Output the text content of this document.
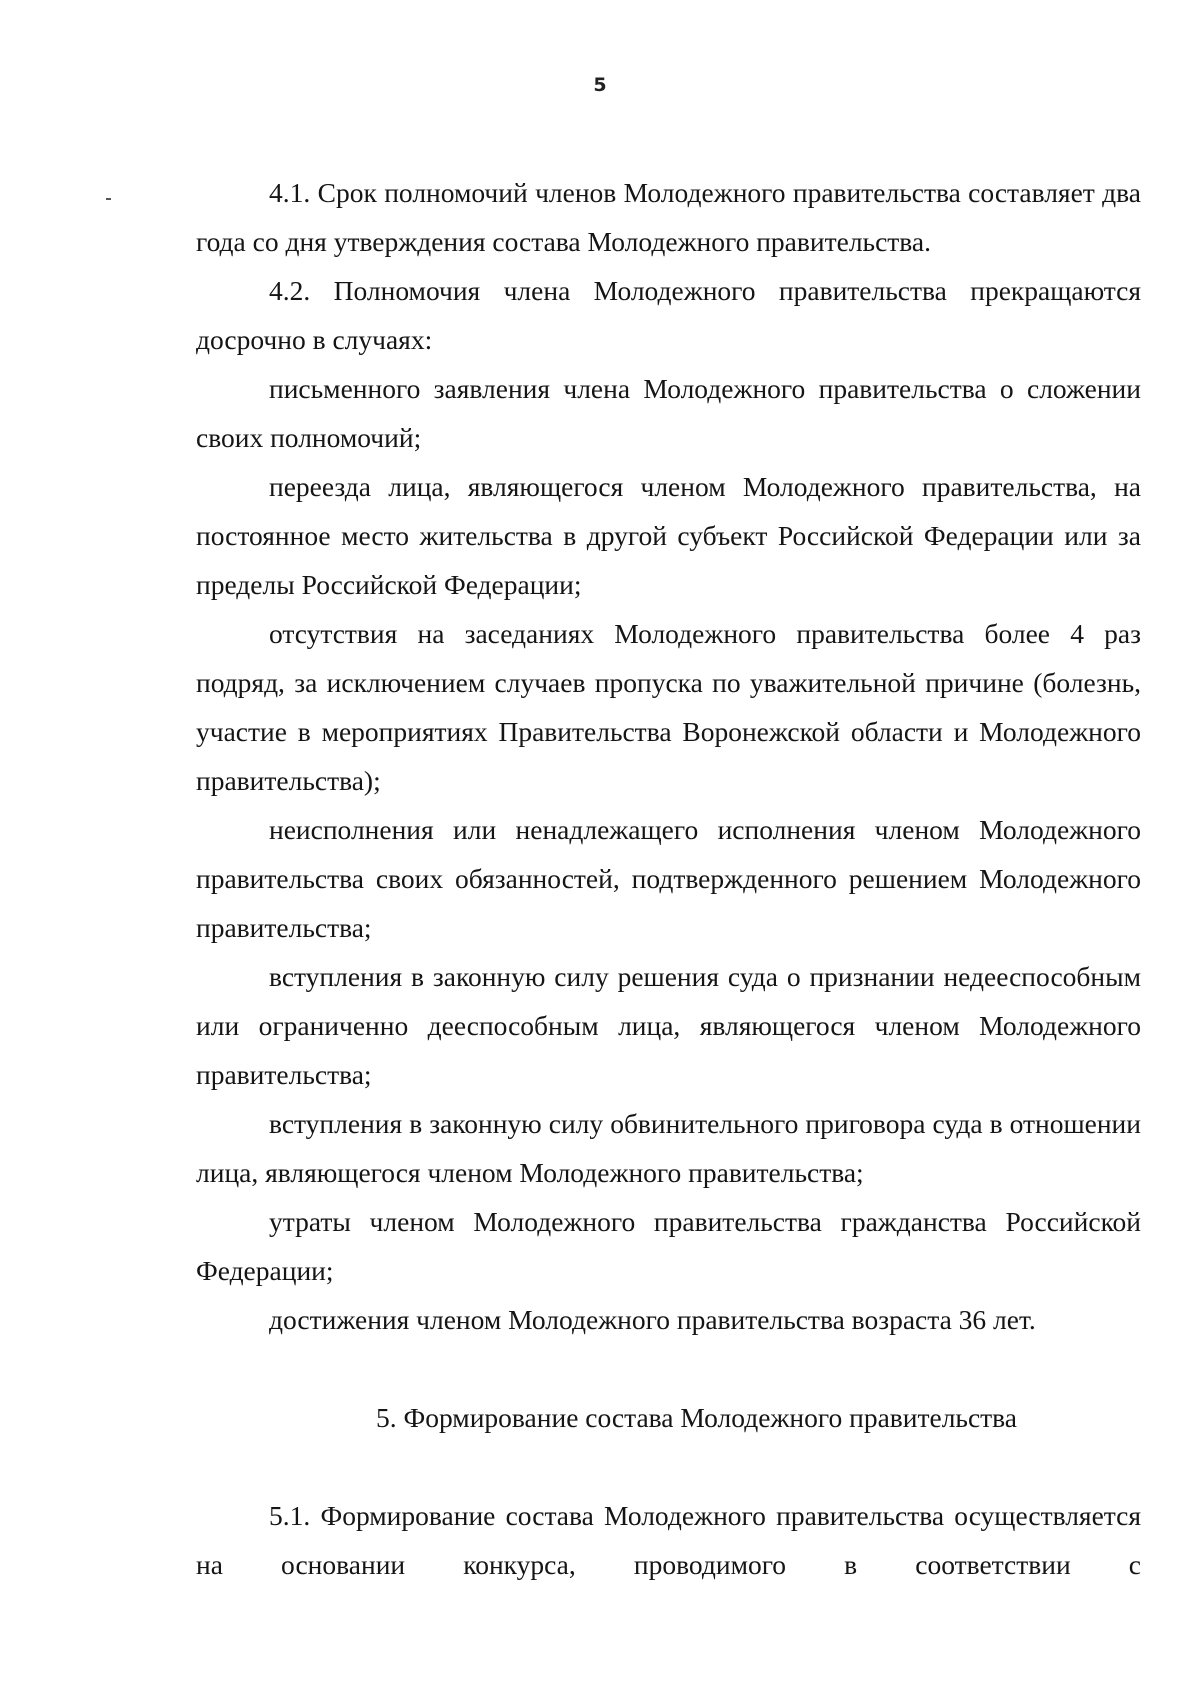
5

4.1. Срок полномочий членов Молодежного правительства составляет два года со дня утверждения состава Молодежного правительства.

4.2. Полномочия члена Молодежного правительства прекращаются досрочно в случаях:

письменного заявления члена Молодежного правительства о сложении своих полномочий;

переезда лица, являющегося членом Молодежного правительства, на постоянное место жительства в другой субъект Российской Федерации или за пределы Российской Федерации;

отсутствия на заседаниях Молодежного правительства более 4 раз подряд, за исключением случаев пропуска по уважительной причине (болезнь, участие в мероприятиях Правительства Воронежской области и Молодежного правительства);

неисполнения или ненадлежащего исполнения членом Молодежного правительства своих обязанностей, подтвержденного решением Молодежного правительства;

вступления в законную силу решения суда о признании недееспособным или ограниченно дееспособным лица, являющегося членом Молодежного правительства;

вступления в законную силу обвинительного приговора суда в отношении лица, являющегося членом Молодежного правительства;

утраты членом Молодежного правительства гражданства Российской Федерации;

достижения членом Молодежного правительства возраста 36 лет.

5. Формирование состава Молодежного правительства

5.1. Формирование состава Молодежного правительства осуществляется на основании конкурса, проводимого в соответствии с
